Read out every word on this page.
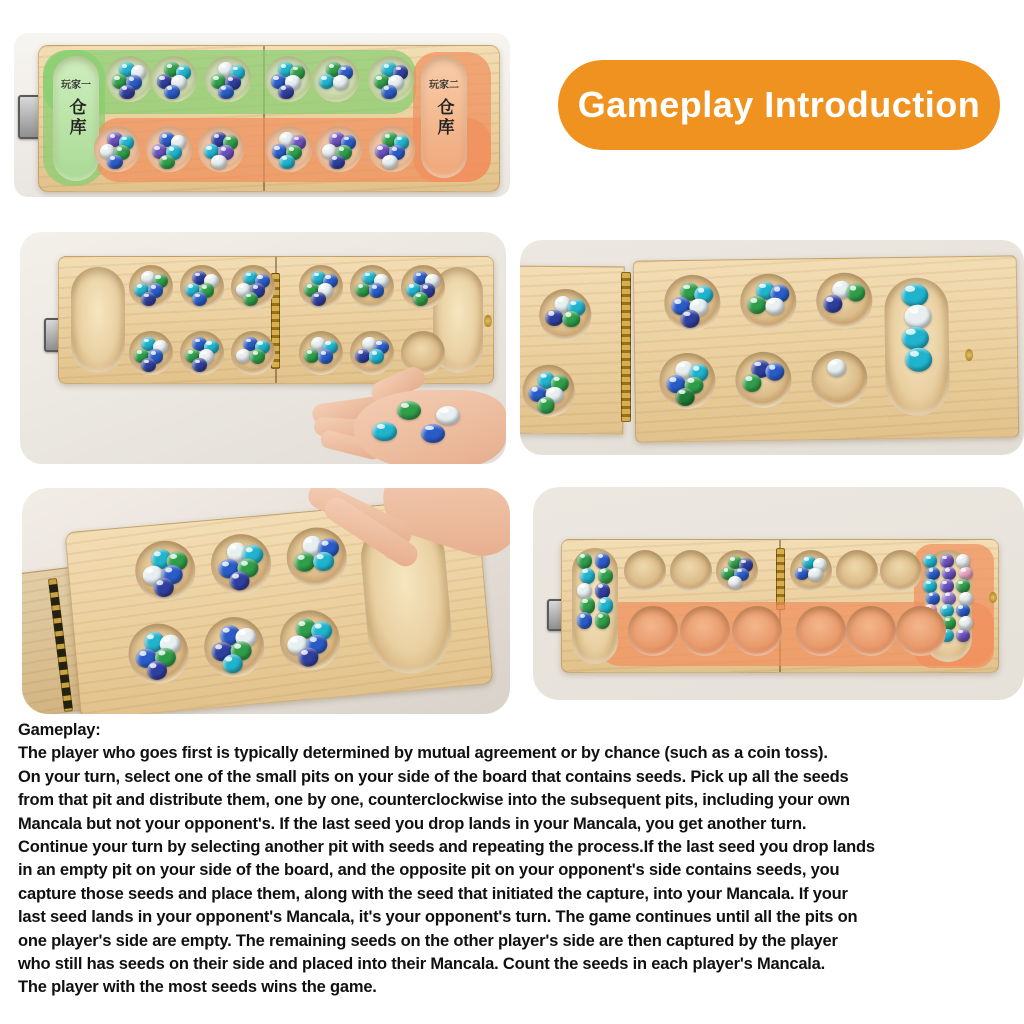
玩家一
仓库
玩家二
仓库	Gameplay Introduction
Gameplay:
The player who goes first is typically determined by mutual agreement or by chance (such as a coin toss).
On your turn, select one of the small pits on your side of the board that contains seeds. Pick up all the seeds
from that pit and distribute them, one by one, counterclockwise into the subsequent pits, including your own
Mancala but not your opponent's. If the last seed you drop lands in your Mancala, you get another turn.
Continue your turn by selecting another pit with seeds and repeating the process.If the last seed you drop lands
in an empty pit on your side of the board, and the opposite pit on your opponent's side contains seeds, you
capture those seeds and place them, along with the seed that initiated the capture, into your Mancala. If your
last seed lands in your opponent's Mancala, it's your opponent's turn. The game continues until all the pits on
one player's side are empty. The remaining seeds on the other player's side are then captured by the player
who still has seeds on their side and placed into their Mancala. Count the seeds in each player's Mancala.
The player with the most seeds wins the game.
